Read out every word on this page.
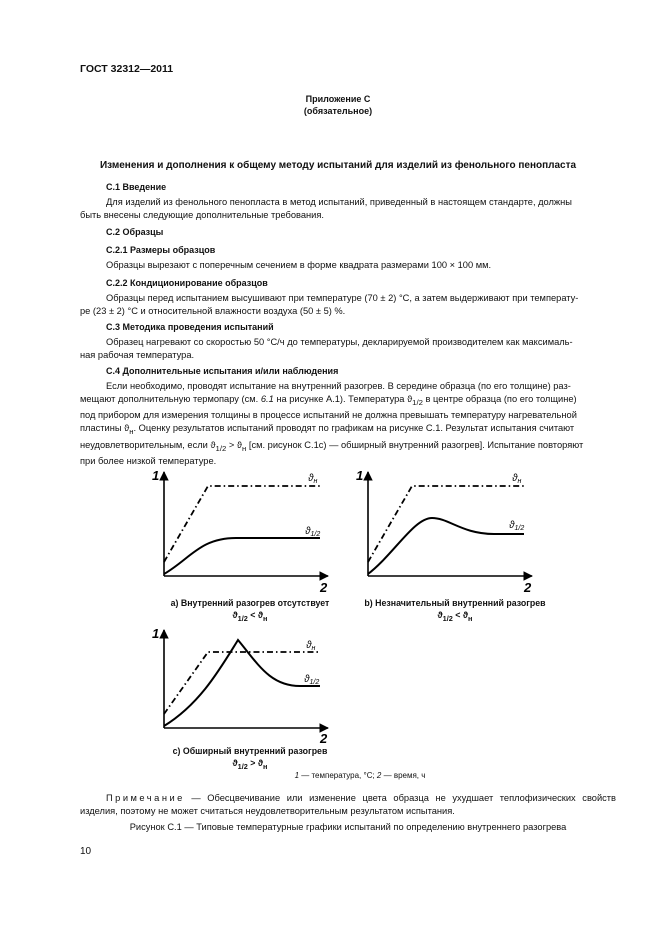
ГОСТ 32312—2011
Приложение С
(обязательное)
Изменения и дополнения к общему методу испытаний для изделий из фенольного пенопласта
С.1 Введение
Для изделий из фенольного пенопласта в метод испытаний, приведенный в настоящем стандарте, должны
быть внесены следующие дополнительные требования.
С.2 Образцы
С.2.1 Размеры образцов
Образцы вырезают с поперечным сечением в форме квадрата размерами 100 × 100 мм.
С.2.2 Кондиционирование образцов
Образцы перед испытанием высушивают при температуре (70 ± 2) °С, а затем выдерживают при температу-
ре (23 ± 2) °С и относительной влажности воздуха (50 ± 5) %.
С.3 Методика проведения испытаний
Образец нагревают со скоростью 50 °С/ч до температуры, декларируемой производителем как максималь-
ная рабочая температура.
С.4 Дополнительные испытания и/или наблюдения
Если необходимо, проводят испытание на внутренний разогрев. В середине образца (по его толщине) раз-
мещают дополнительную термопару (см. 6.1 на рисунке А.1). Температура $ϑ_{1/2}$ в центре образца (по его толщине)
под прибором для измерения толщины в процессе испытаний не должна превышать температуру нагревательной
пластины $ϑ_н$. Оценку результатов испытаний проводят по графикам на рисунке С.1. Результат испытания считают
неудовлетворительным, если $ϑ_{1/2} > ϑ_н$ [см. рисунок С.1с) — обширный внутренний разогрев]. Испытание повторяют
при более низкой температуре.
1
2
$ϑ_н$
$ϑ_{1/2}$
a) Внутренний разогрев отсутствует
$ϑ_{1/2} < ϑ_н$
1
2
$ϑ_н$
$ϑ_{1/2}$
b) Незначительный внутренний разогрев
$ϑ_{1/2} < ϑ_н$
1
2
$ϑ_н$
$ϑ_{1/2}$
с) Обширный внутренний разогрев
$ϑ_{1/2} > ϑ_н$
1 — температура, °С; 2 — время, ч
Примечание — Обесцвечивание или изменение цвета образца не ухудшает теплофизических свойств изделия, поэтому не может считаться неудовлетворительным результатом испытания.
Рисунок С.1 — Типовые температурные графики испытаний по определению внутреннего разогрева
10
